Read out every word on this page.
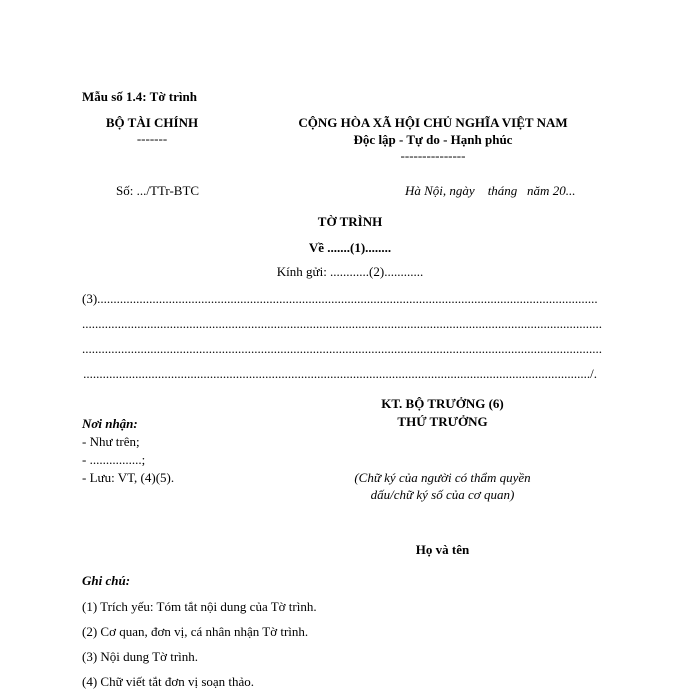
Mẫu số 1.4: Tờ trình
BỘ TÀI CHÍNH
-------
CỘNG HÒA XÃ HỘI CHỦ NGHĨA VIỆT NAM
Độc lập - Tự do - Hạnh phúc
---------------
Số: .../TTr-BTC	Hà Nội, ngày    tháng   năm 20...
TỜ TRÌNH
Về .......(1)........
Kính gửi: ............(2)............
(3)..........................................................................................................................................................
................................................................................................................................................................
................................................................................................................................................................
............................................................................................................................................................/.
KT. BỘ TRƯỞNG (6)
THỨ TRƯỞNG
Nơi nhận:
- Như trên;
- ................;
- Lưu: VT, (4)(5).	(Chữ ký của người có thẩm quyền
dấu/chữ ký số của cơ quan)
Họ và tên
Ghi chú:
(1) Trích yếu: Tóm tắt nội dung của Tờ trình.
(2) Cơ quan, đơn vị, cá nhân nhận Tờ trình.
(3) Nội dung Tờ trình.
(4) Chữ viết tắt đơn vị soạn thảo.
